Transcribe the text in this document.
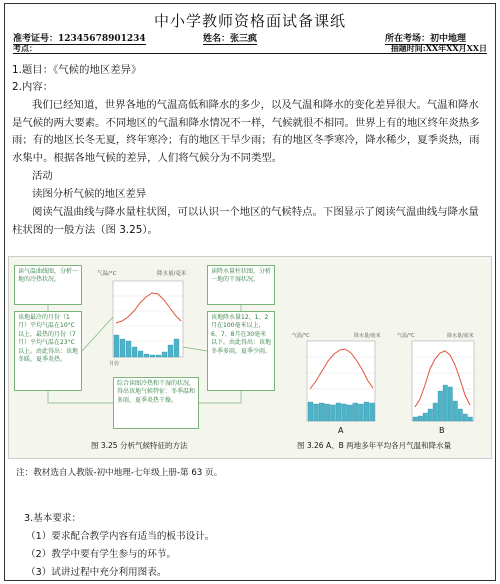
中小学教师资格面试备课纸
准考证号：12345678901234	姓名：张三疯	所在考场：初中地理
考点：	抽题时间:XX年XX月XX日
1.题目：《气候的地区差异》
2.内容：
我们已经知道，世界各地的气温高低和降水的多少，以及气温和降水的变化差异很大。气温和降水是气候的两大要素。不同地区的气温和降水情况不一样，气候就很不相同。世界上有的地区终年炎热多雨；有的地区长冬无夏，终年寒冷；有的地区干旱少雨；有的地区冬季寒冷，降水稀少，夏季炎热，雨水集中。根据各地气候的差异，人们将气候分为不同类型。
活动
读图分析气候的地区差异
阅读气温曲线与降水量柱状图，可以认识一个地区的气候特点。下图显示了阅读气温曲线与降水量柱状图的一般方法（图 3.25）。
读气温曲线图，分析一地的冷热状况。
该地最冷的月份（1月）平均气温在10°C以上，最热的月份（7月）平均气温在23°C以上。由此得出：该地冬暖，夏季炎热。
读降水量柱状图，分析一地的干湿状况。
该地降水量12、1、2月在100毫米以上，6、7、8月在30毫米以下。由此得出：该地冬季多雨，夏季少雨。
综合读图冷热和干湿的状况，得出该地气候特征：冬季温和多雨，夏季炎热干燥。
气温/°C	降水量/毫米
月份
气温/°C	降水量/毫米
A
气温/°C	降水量/毫米
B
图 3.25 分析气候特征的方法	图 3.26 A、B 两地多年平均各月气温和降水量
注：教材选自人教版-初中地理-七年级上册-第 63 页。
3.基本要求：
（1）要求配合教学内容有适当的板书设计。
（2）教学中要有学生参与的环节。
（3）试讲过程中充分利用图表。
